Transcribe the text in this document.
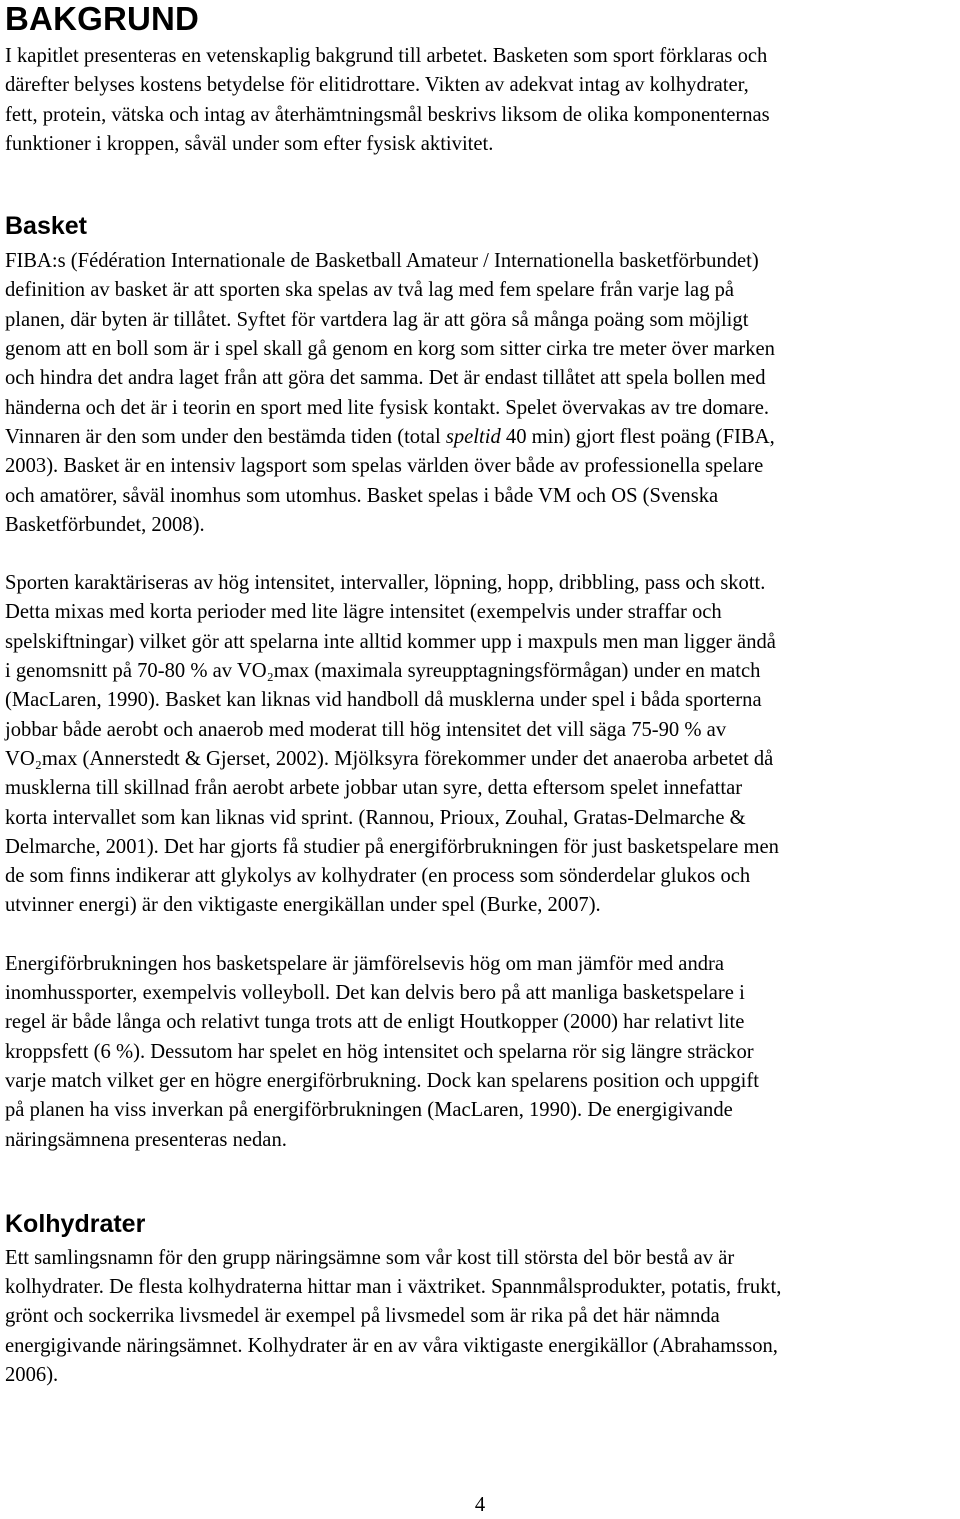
BAKGRUND

I kapitlet presenteras en vetenskaplig bakgrund till arbetet. Basketen som sport förklaras och
därefter belyses kostens betydelse för elitidrottare. Vikten av adekvat intag av kolhydrater,
fett, protein, vätska och intag av återhämtningsmål beskrivs liksom de olika komponenternas
funktioner i kroppen, såväl under som efter fysisk aktivitet.

Basket

FIBA:s (Fédération Internationale de Basketball Amateur / Internationella basketförbundet)
definition av basket är att sporten ska spelas av två lag med fem spelare från varje lag på
planen, där byten är tillåtet. Syftet för vartdera lag är att göra så många poäng som möjligt
genom att en boll som är i spel skall gå genom en korg som sitter cirka tre meter över marken
och hindra det andra laget från att göra det samma. Det är endast tillåtet att spela bollen med
händerna och det är i teorin en sport med lite fysisk kontakt. Spelet övervakas av tre domare.
Vinnaren är den som under den bestämda tiden (total speltid 40 min) gjort flest poäng (FIBA,
2003). Basket är en intensiv lagsport som spelas världen över både av professionella spelare
och amatörer, såväl inomhus som utomhus. Basket spelas i både VM och OS (Svenska
Basketförbundet, 2008).

Sporten karaktäriseras av hög intensitet, intervaller, löpning, hopp, dribbling, pass och skott.
Detta mixas med korta perioder med lite lägre intensitet (exempelvis under straffar och
spelskiftningar) vilket gör att spelarna inte alltid kommer upp i maxpuls men man ligger ändå
i genomsnitt på 70-80 % av VO₂max (maximala syreupptagningsförmågan) under en match
(MacLaren, 1990). Basket kan liknas vid handboll då musklerna under spel i båda sporterna
jobbar både aerobt och anaerob med moderat till hög intensitet det vill säga 75-90 % av
VO₂max (Annerstedt & Gjerset, 2002). Mjölksyra förekommer under det anaeroba arbetet då
musklerna till skillnad från aerobt arbete jobbar utan syre, detta eftersom spelet innefattar
korta intervallet som kan liknas vid sprint. (Rannou, Prioux, Zouhal, Gratas-Delmarche &
Delmarche, 2001). Det har gjorts få studier på energiförbrukningen för just basketspelare men
de som finns indikerar att glykolys av kolhydrater (en process som sönderdelar glukos och
utvinner energi) är den viktigaste energikällan under spel (Burke, 2007).

Energiförbrukningen hos basketspelare är jämförelsevis hög om man jämför med andra
inomhussporter, exempelvis volleyboll. Det kan delvis bero på att manliga basketspelare i
regel är både långa och relativt tunga trots att de enligt Houtkopper (2000) har relativt lite
kroppsfett (6 %). Dessutom har spelet en hög intensitet och spelarna rör sig längre sträckor
varje match vilket ger en högre energiförbrukning. Dock kan spelarens position och uppgift
på planen ha viss inverkan på energiförbrukningen (MacLaren, 1990). De energigivande
näringsämnena presenteras nedan.

Kolhydrater

Ett samlingsnamn för den grupp näringsämne som vår kost till största del bör bestå av är
kolhydrater. De flesta kolhydraterna hittar man i växtriket. Spannmålsprodukter, potatis, frukt,
grönt och sockerrika livsmedel är exempel på livsmedel som är rika på det här nämnda
energigivande näringsämnet. Kolhydrater är en av våra viktigaste energikällor (Abrahamsson,
2006).

4
